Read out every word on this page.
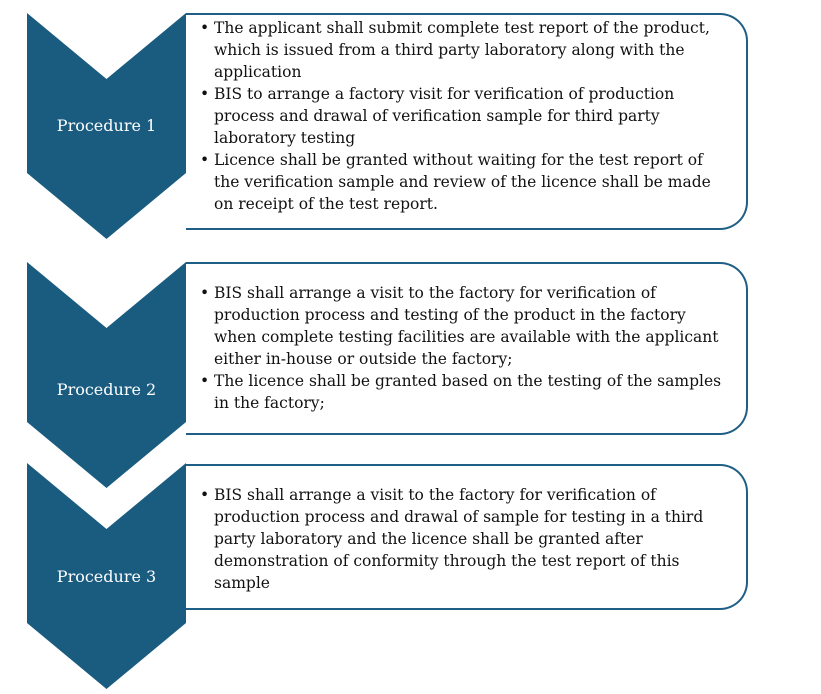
Procedure 1
• The applicant shall submit complete test report of the product, which is issued from a third party laboratory along with the application
• BIS to arrange a factory visit for verification of production process and drawal of verification sample for third party laboratory testing
• Licence shall be granted without waiting for the test report of the verification sample and review of the licence shall be made on receipt of the test report.
Procedure 2
• BIS shall arrange a visit to the factory for verification of production process and testing of the product in the factory when complete testing facilities are available with the applicant either in-house or outside the factory;
• The licence shall be granted based on the testing of the samples in the factory;
Procedure 3
• BIS shall arrange a visit to the factory for verification of production process and drawal of sample for testing in a third party laboratory and the licence shall be granted after demonstration of conformity through the test report of this sample
